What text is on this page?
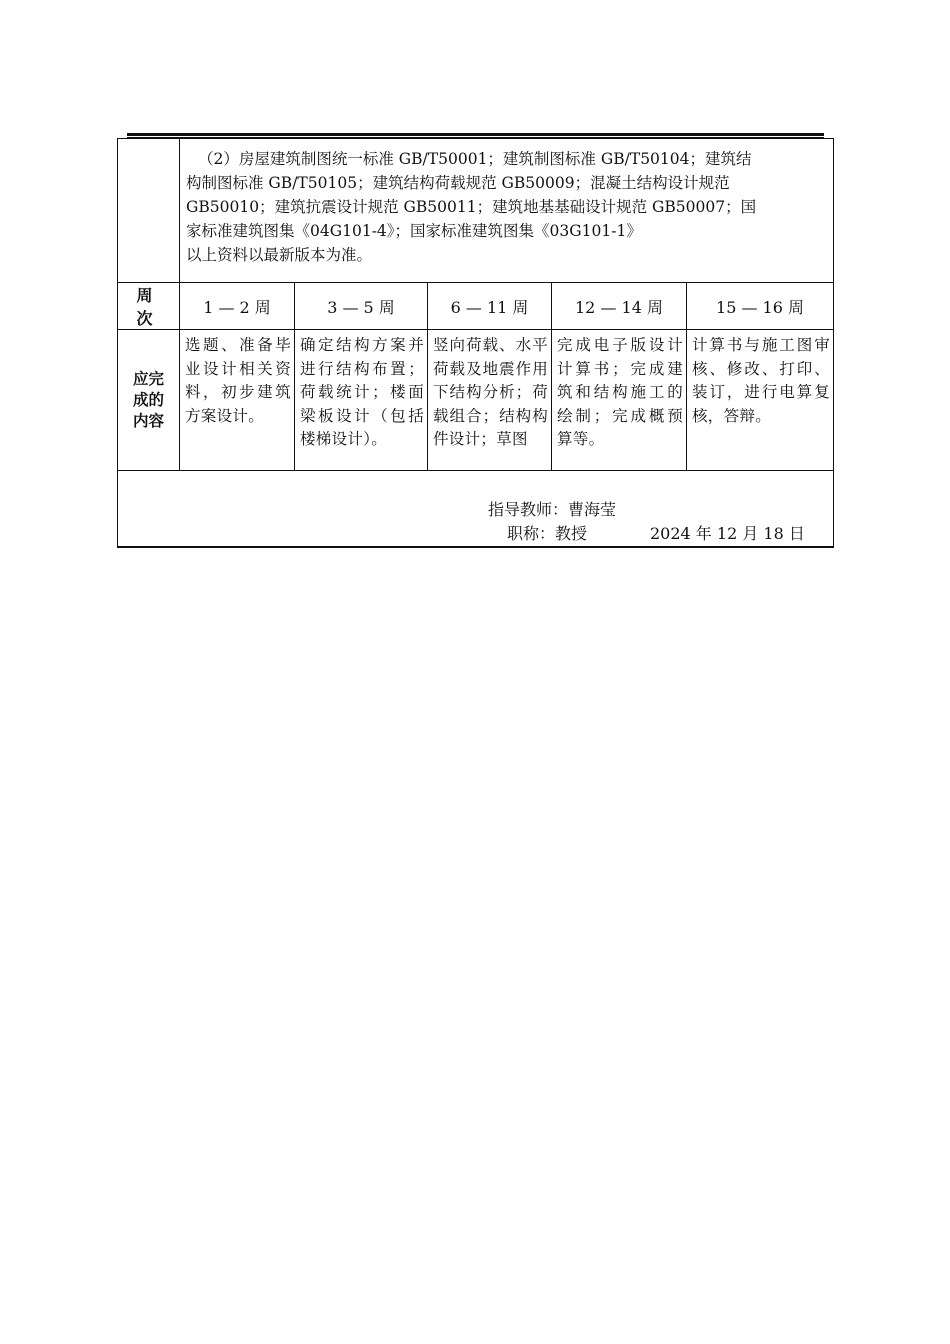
	（2）房屋建筑制图统一标准 GB/T50001；建筑制图标准 GB/T50104；建筑结
构制图标准 GB/T50105；建筑结构荷载规范 GB50009；混凝土结构设计规范
GB50010；建筑抗震设计规范 GB50011；建筑地基基础设计规范 GB50007；国
家标准建筑图集《04G101-4》；国家标准建筑图集《03G101-1》
以上资料以最新版本为准。				

周 次	1 — 2 周	3 — 5 周	6 — 11 周	12 — 14 周	15 — 16 周
应完成的内容	选题、准备毕业设计相关资料，初步建筑方案设计。	确定结构方案并进行结构布置；荷载统计；楼面梁板设计（包括楼梯设计）。	竖向荷载、水平荷载及地震作用下结构分析；荷载组合；结构构件设计；草图	完成电子版设计计算书；完成建筑和结构施工的绘制；完成概预算等。	计算书与施工图审核、修改、打印、装订，进行电算复核，答辩。

指导教师：曹海莹
职称：教授 2024 年 12 月 18 日					
